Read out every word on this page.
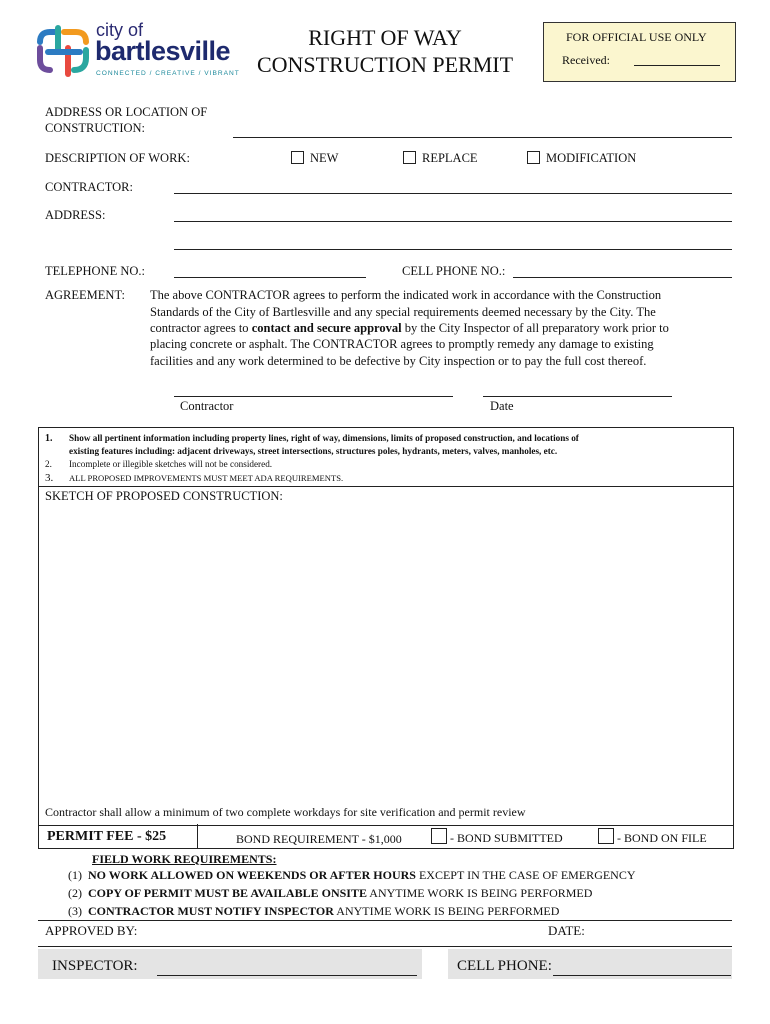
city of
bartlesville
CONNECTED / CREATIVE / VIBRANT
RIGHT OF WAY
CONSTRUCTION PERMIT
FOR OFFICIAL USE ONLY
Received:
ADDRESS OR LOCATION OF
CONSTRUCTION:
DESCRIPTION OF WORK:	NEW	REPLACE	MODIFICATION
CONTRACTOR:
ADDRESS:
TELEPHONE NO.:	CELL PHONE NO.:
AGREEMENT: The above CONTRACTOR agrees to perform the indicated work in accordance with the Construction
Standards of the City of Bartlesville and any special requirements deemed necessary by the City. The
contractor agrees to contact and secure approval by the City Inspector of all preparatory work prior to
placing concrete or asphalt. The CONTRACTOR agrees to promptly remedy any damage to existing
facilities and any work determined to be defective by City inspection or to pay the full cost thereof.
Contractor	Date
1. Show all pertinent information including property lines, right of way, dimensions, limits of proposed construction, and locations of
existing features including: adjacent driveways, street intersections, structures poles, hydrants, meters, valves, manholes, etc.
2. Incomplete or illegible sketches will not be considered.
3. ALL PROPOSED IMPROVEMENTS MUST MEET ADA REQUIREMENTS.
SKETCH OF PROPOSED CONSTRUCTION:
Contractor shall allow a minimum of two complete workdays for site verification and permit review
PERMIT FEE - $25	BOND REQUIREMENT - $1,000	- BOND SUBMITTED	- BOND ON FILE
FIELD WORK REQUIREMENTS:
(1) NO WORK ALLOWED ON WEEKENDS OR AFTER HOURS EXCEPT IN THE CASE OF EMERGENCY
(2) COPY OF PERMIT MUST BE AVAILABLE ONSITE ANYTIME WORK IS BEING PERFORMED
(3) CONTRACTOR MUST NOTIFY INSPECTOR ANYTIME WORK IS BEING PERFORMED
APPROVED BY:	DATE:
INSPECTOR:	CELL PHONE:
